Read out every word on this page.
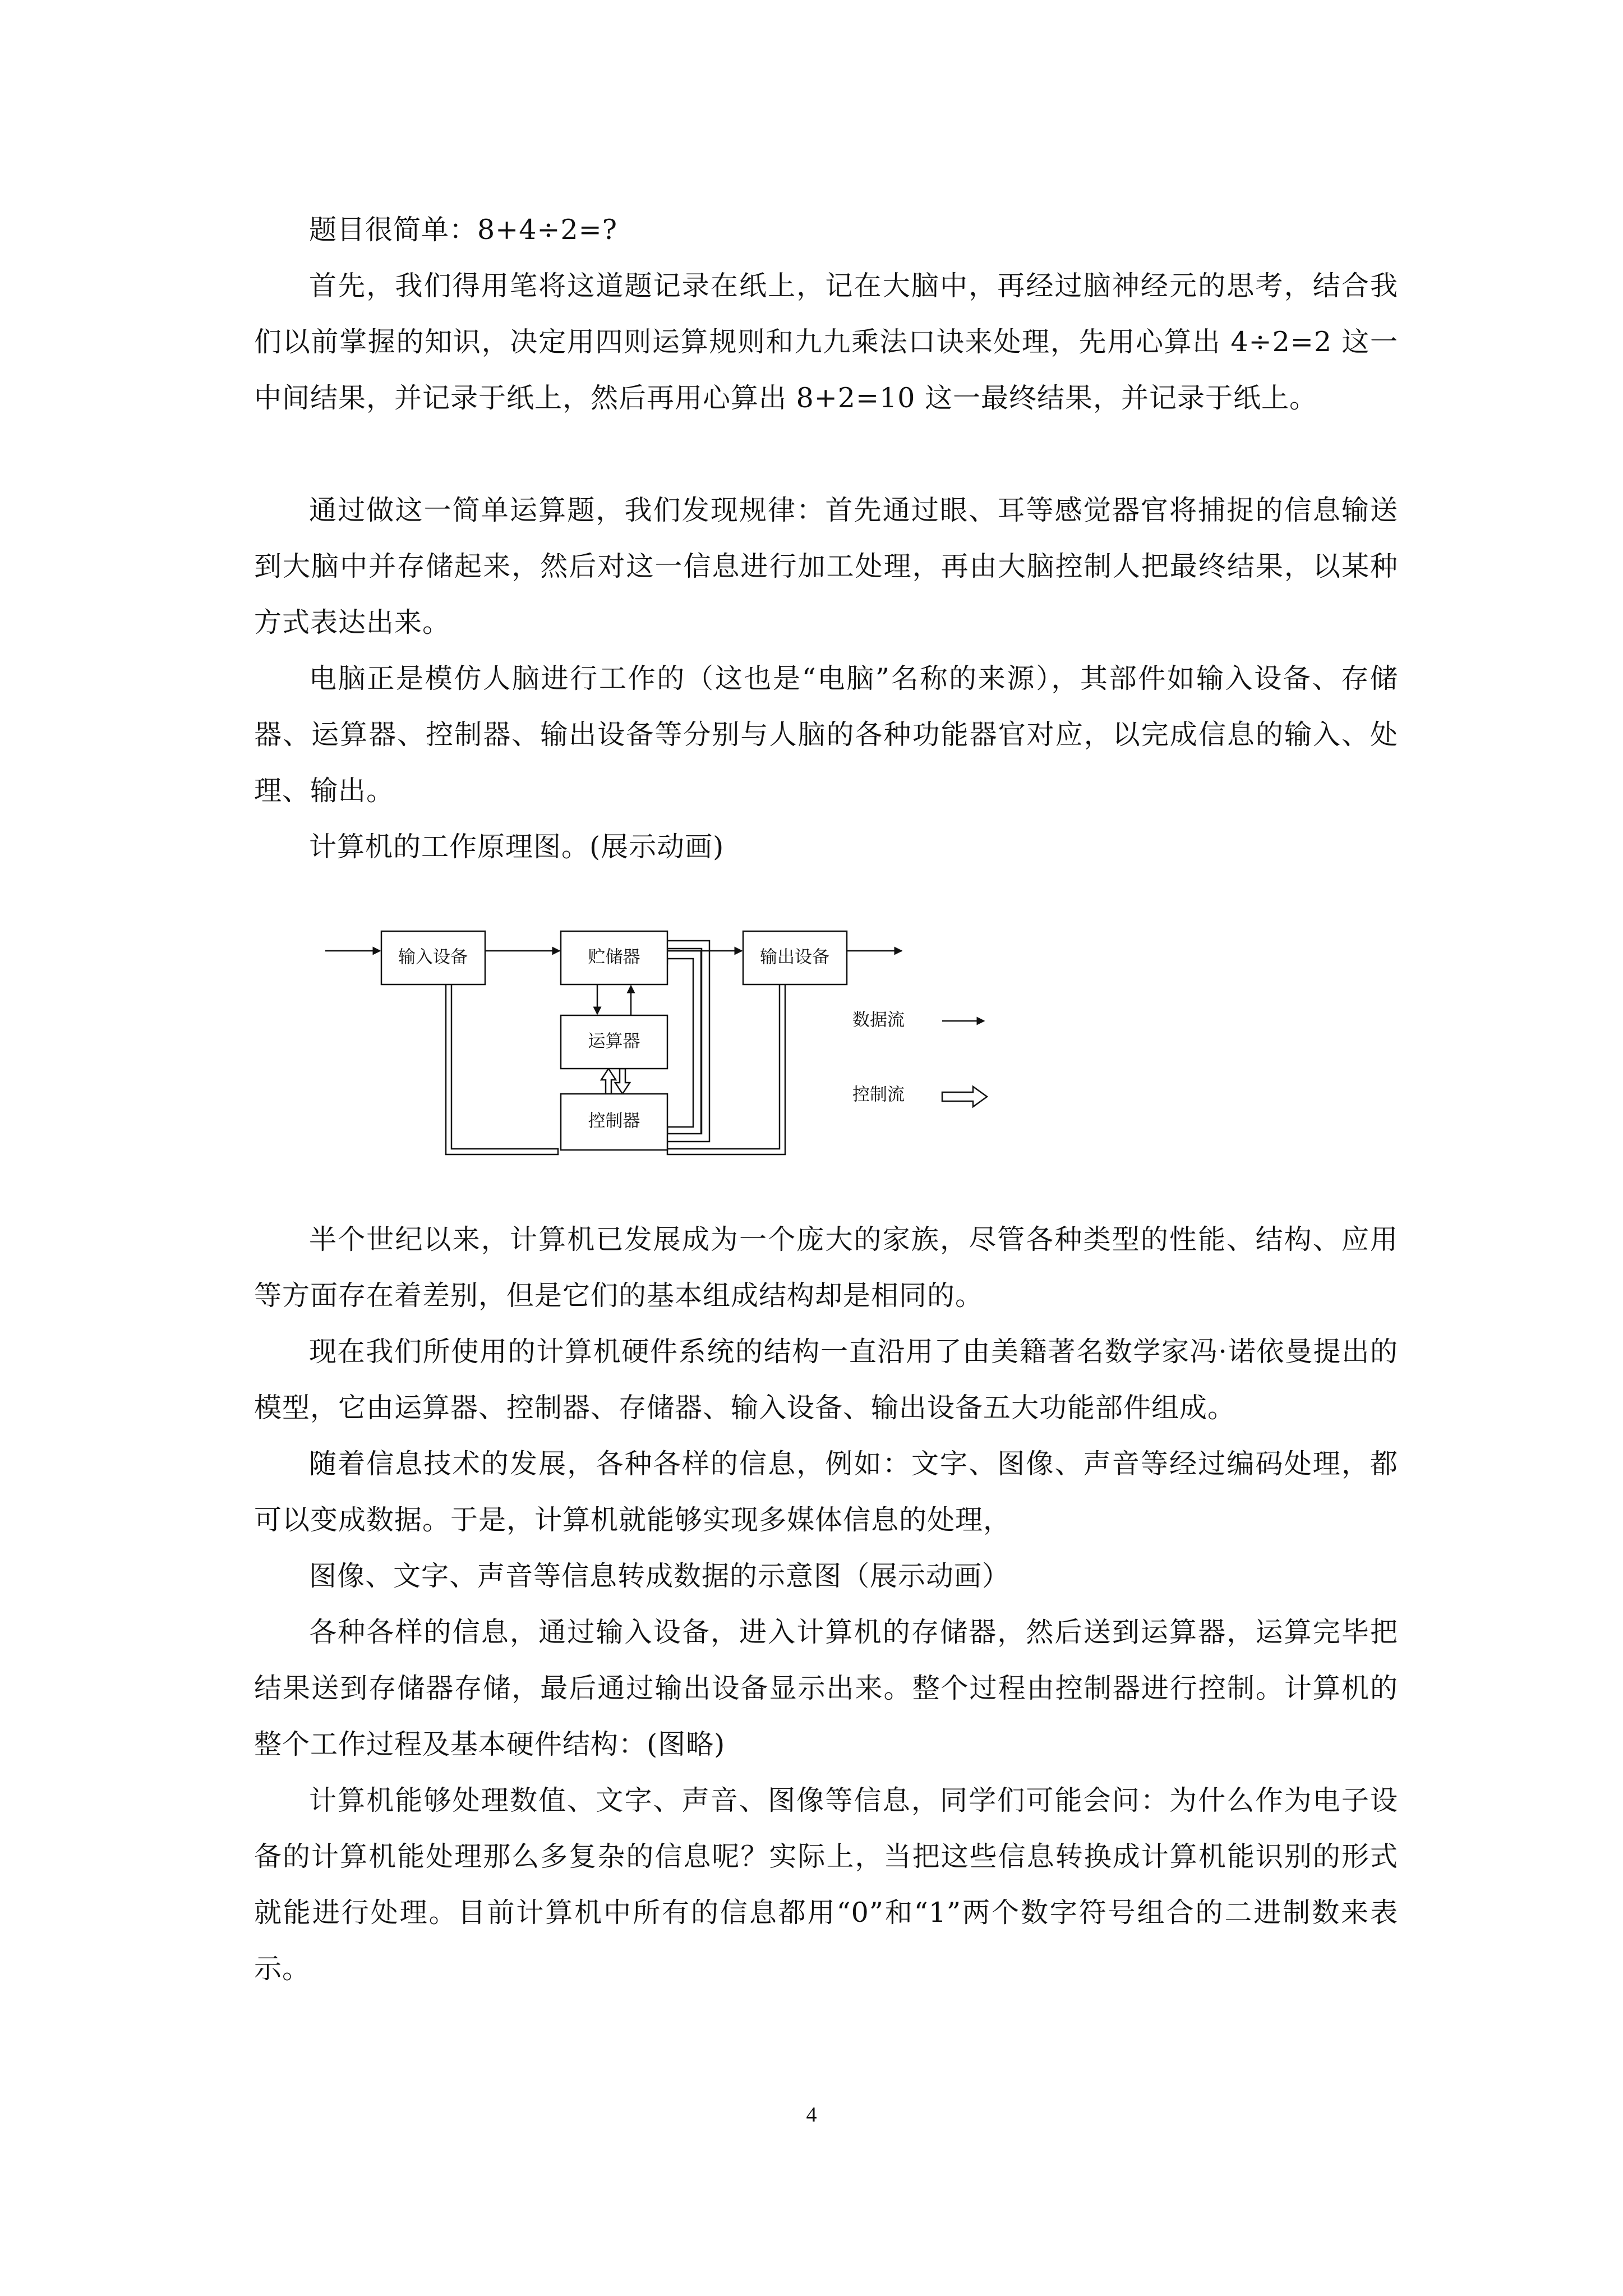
题目很简单：8+4÷2=?

首先，我们得用笔将这道题记录在纸上，记在大脑中，再经过脑神经元的思考，结合我们以前掌握的知识，决定用四则运算规则和九九乘法口诀来处理，先用心算出 4÷2=2 这一中间结果，并记录于纸上，然后再用心算出 8+2=10 这一最终结果，并记录于纸上。

通过做这一简单运算题，我们发现规律：首先通过眼、耳等感觉器官将捕捉的信息输送到大脑中并存储起来，然后对这一信息进行加工处理，再由大脑控制人把最终结果，以某种方式表达出来。

电脑正是模仿人脑进行工作的（这也是“电脑”名称的来源），其部件如输入设备、存储器、运算器、控制器、输出设备等分别与人脑的各种功能器官对应，以完成信息的输入、处理、输出。

计算机的工作原理图。(展示动画)

输入设备	贮储器	输出设备
运算器
控制器
数据流
控制流

半个世纪以来，计算机已发展成为一个庞大的家族，尽管各种类型的性能、结构、应用等方面存在着差别，但是它们的基本组成结构却是相同的。

现在我们所使用的计算机硬件系统的结构一直沿用了由美籍著名数学家冯·诺依曼提出的模型，它由运算器、控制器、存储器、输入设备、输出设备五大功能部件组成。

随着信息技术的发展，各种各样的信息，例如：文字、图像、声音等经过编码处理，都可以变成数据。于是，计算机就能够实现多媒体信息的处理，

图像、文字、声音等信息转成数据的示意图（展示动画）

各种各样的信息，通过输入设备，进入计算机的存储器，然后送到运算器，运算完毕把结果送到存储器存储，最后通过输出设备显示出来。整个过程由控制器进行控制。计算机的整个工作过程及基本硬件结构：(图略)

计算机能够处理数值、文字、声音、图像等信息，同学们可能会问：为什么作为电子设备的计算机能处理那么多复杂的信息呢？实际上，当把这些信息转换成计算机能识别的形式就能进行处理。目前计算机中所有的信息都用“0”和“1”两个数字符号组合的二进制数来表示。

4
